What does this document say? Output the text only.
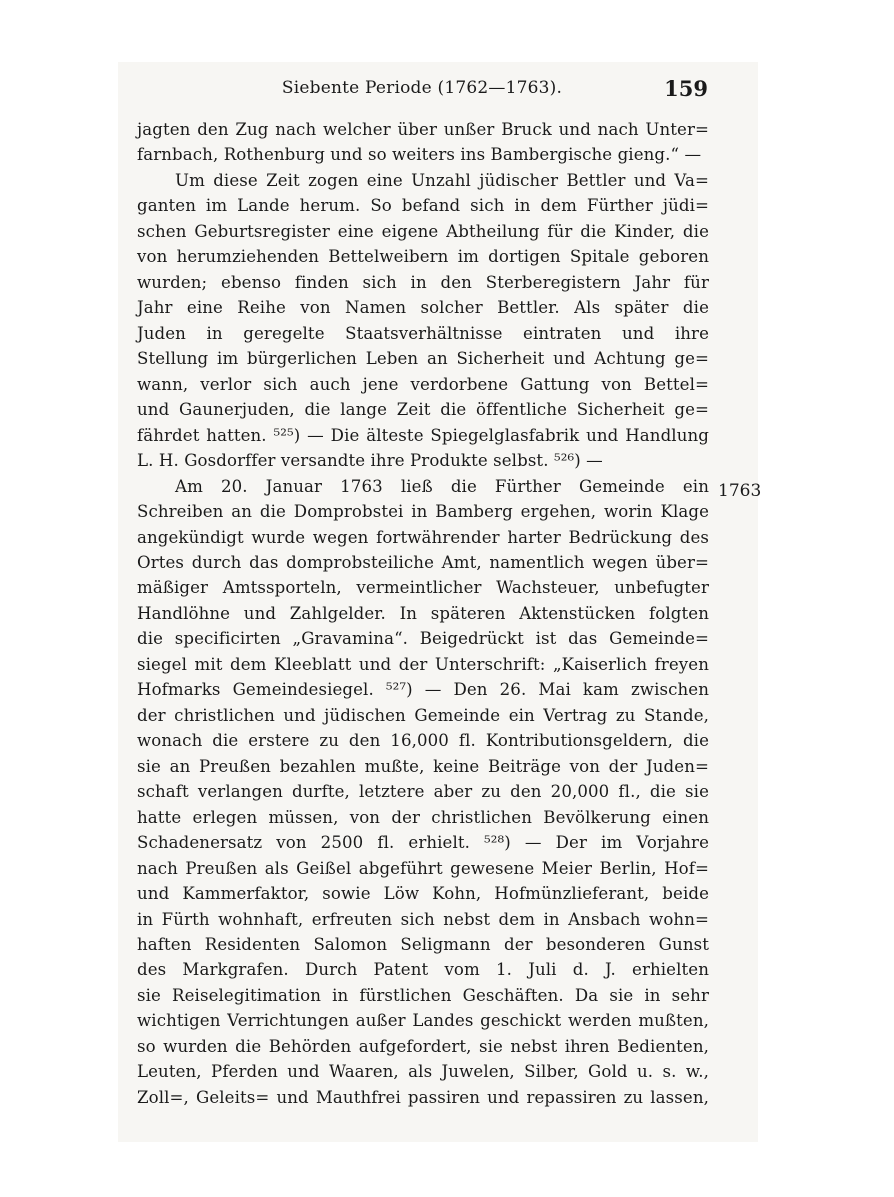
Siebente Periode (1762—1763).	159
1763
jagten den Zug nach welcher über unßer Bruck und nach Unter=
farnbach, Rothenburg und so weiters ins Bambergische gieng.“ —
Um diese Zeit zogen eine Unzahl jüdischer Bettler und Va=
ganten im Lande herum. So befand sich in dem Fürther jüdi=
schen Geburtsregister eine eigene Abtheilung für die Kinder, die
von herumziehenden Bettelweibern im dortigen Spitale geboren
wurden; ebenso finden sich in den Sterberegistern Jahr für
Jahr eine Reihe von Namen solcher Bettler. Als später die
Juden in geregelte Staatsverhältnisse eintraten und ihre
Stellung im bürgerlichen Leben an Sicherheit und Achtung ge=
wann, verlor sich auch jene verdorbene Gattung von Bettel=
und Gaunerjuden, die lange Zeit die öffentliche Sicherheit ge=
fährdet hatten. ⁵²⁵) — Die älteste Spiegelglasfabrik und Handlung
L. H. Gosdorffer versandte ihre Produkte selbst. ⁵²⁶) —
Am 20. Januar 1763 ließ die Fürther Gemeinde ein
Schreiben an die Domprobstei in Bamberg ergehen, worin Klage
angekündigt wurde wegen fortwährender harter Bedrückung des
Ortes durch das domprobsteiliche Amt, namentlich wegen über=
mäßiger Amtssporteln, vermeintlicher Wachsteuer, unbefugter
Handlöhne und Zahlgelder. In späteren Aktenstücken folgten
die specificirten „Gravamina“. Beigedrückt ist das Gemeinde=
siegel mit dem Kleeblatt und der Unterschrift: „Kaiserlich freyen
Hofmarks Gemeindesiegel. ⁵²⁷) — Den 26. Mai kam zwischen
der christlichen und jüdischen Gemeinde ein Vertrag zu Stande,
wonach die erstere zu den 16,000 fl. Kontributionsgeldern, die
sie an Preußen bezahlen mußte, keine Beiträge von der Juden=
schaft verlangen durfte, letztere aber zu den 20,000 fl., die sie
hatte erlegen müssen, von der christlichen Bevölkerung einen
Schadenersatz von 2500 fl. erhielt. ⁵²⁸) — Der im Vorjahre
nach Preußen als Geißel abgeführt gewesene Meier Berlin, Hof=
und Kammerfaktor, sowie Löw Kohn, Hofmünzlieferant, beide
in Fürth wohnhaft, erfreuten sich nebst dem in Ansbach wohn=
haften Residenten Salomon Seligmann der besonderen Gunst
des Markgrafen. Durch Patent vom 1. Juli d. J. erhielten
sie Reiselegitimation in fürstlichen Geschäften. Da sie in sehr
wichtigen Verrichtungen außer Landes geschickt werden mußten,
so wurden die Behörden aufgefordert, sie nebst ihren Bedienten,
Leuten, Pferden und Waaren, als Juwelen, Silber, Gold u. s. w.,
Zoll=, Geleits= und Mauthfrei passiren und repassiren zu lassen,
